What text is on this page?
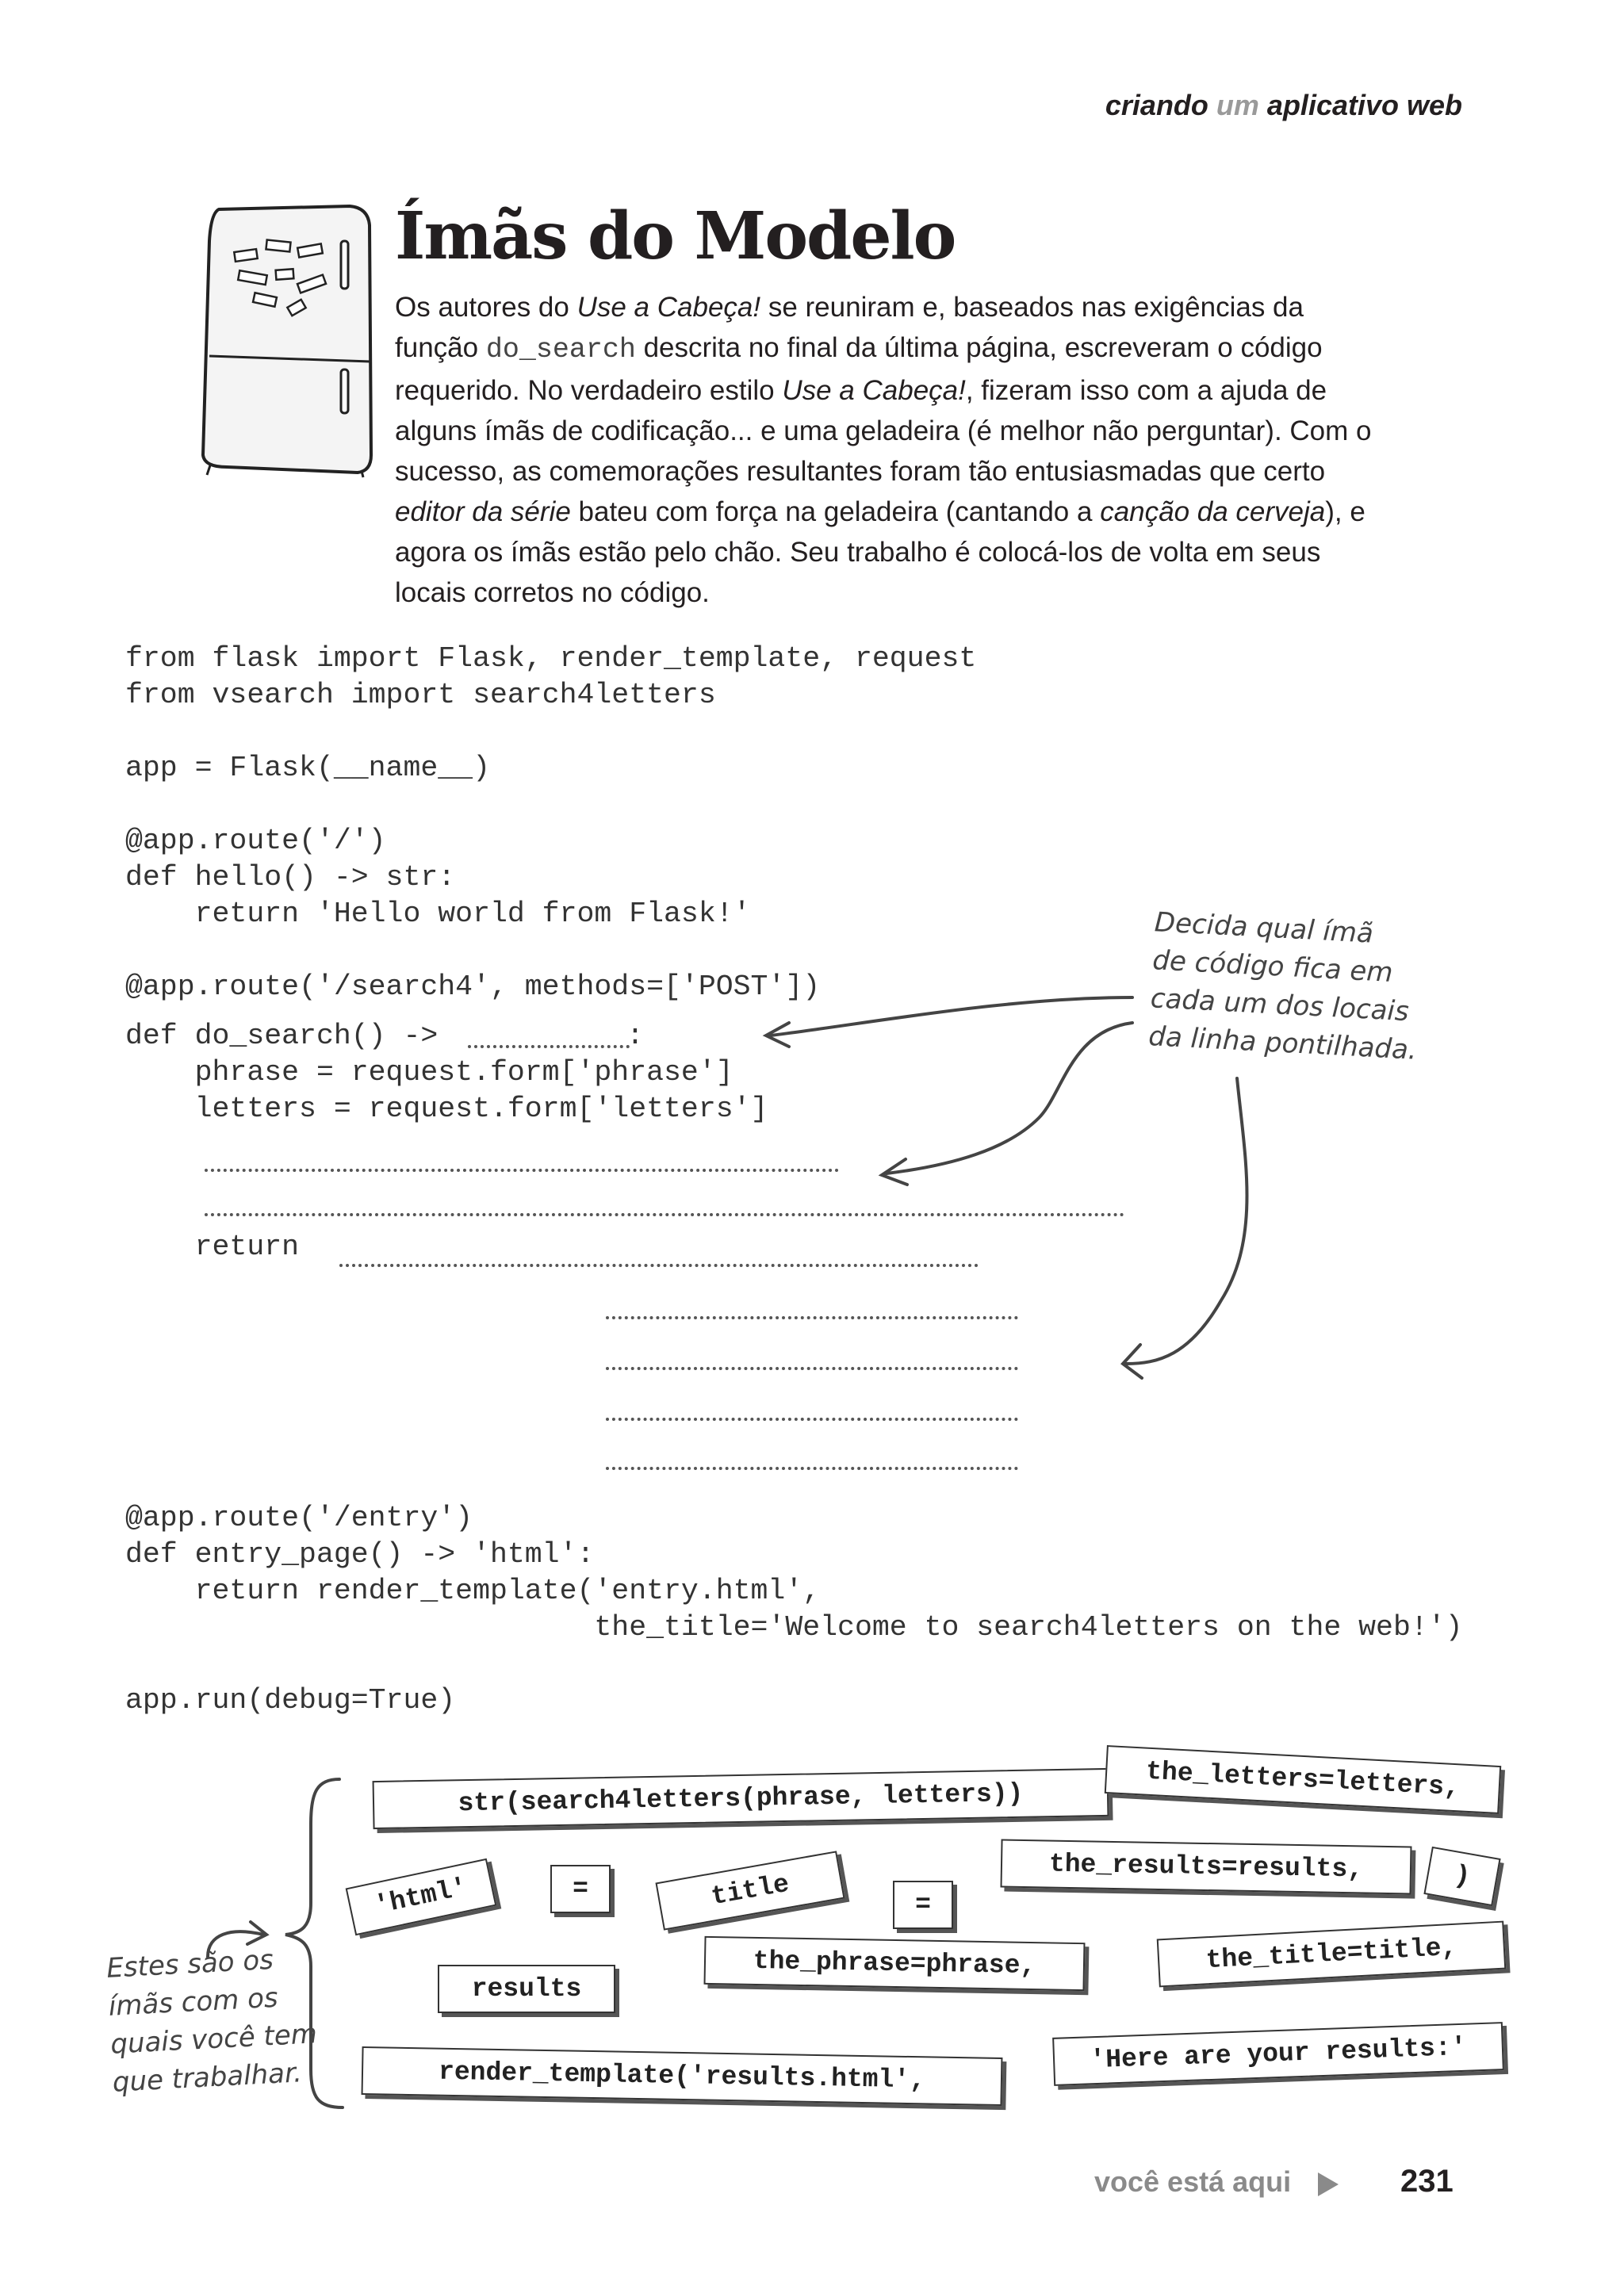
criando um aplicativo web
Ímãs do Modelo

Os autores do Use a Cabeça! se reuniram e, baseados nas exigências da função do_search descrita no final da última página, escreveram o código requerido. No verdadeiro estilo Use a Cabeça!, fizeram isso com a ajuda de alguns ímãs de codificação... e uma geladeira (é melhor não perguntar). Com o sucesso, as comemorações resultantes foram tão entusiasmadas que certo editor da série bateu com força na geladeira (cantando a canção da cerveja), e agora os ímãs estão pelo chão. Seu trabalho é colocá-los de volta em seus locais corretos no código.

from flask import Flask, render_template, request
from vsearch import search4letters
app = Flask(__name__)
@app.route('/')
def hello() -> str:
return 'Hello world from Flask!'
@app.route('/search4', methods=['POST'])
def do_search() ->	:
phrase = request.form['phrase']
letters = request.form['letters']
return
@app.route('/entry')
def entry_page() -> 'html':
return render_template('entry.html',
the_title='Welcome to search4letters on the web!')
app.run(debug=True)
Decida qual ímã
de código fica em
cada um dos locais
da linha pontilhada.
Estes são os
ímãs com os
quais você tem
que trabalhar.
str(search4letters(phrase, letters))	the_letters=letters,
'html'	=	title	=
the_results=results,	)
results
the_phrase=phrase,	the_title=title,
render_template('results.html',
'Here are your results:'
você está aqui	231
